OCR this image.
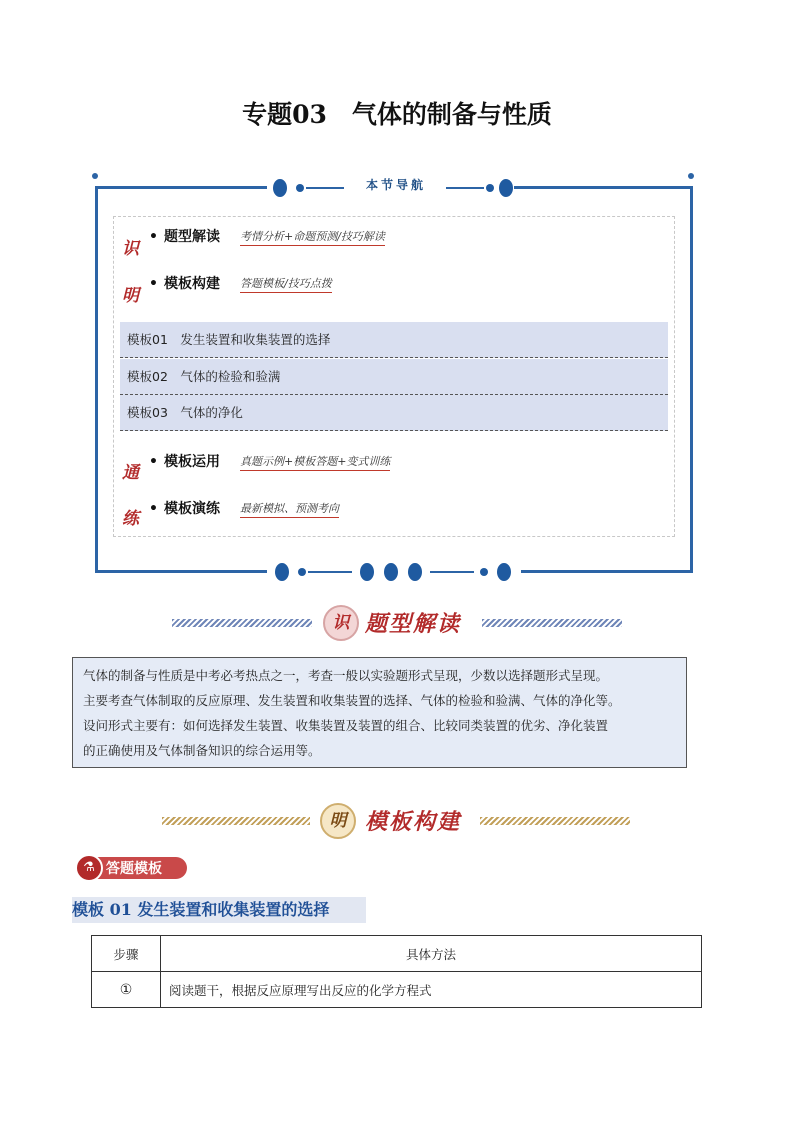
专题03　气体的制备与性质
本节导航
识
明
通
练
• 题型解读 考情分析+命题预测/技巧解读
• 模板构建 答题模板/技巧点拨
模板01　发生装置和收集装置的选择
模板02　气体的检验和验满
模板03　气体的净化
• 模板运用 真题示例+模板答题+变式训练
• 模板演练 最新模拟、预测考向
识 题型解读
气体的制备与性质是中考必考热点之一，考查一般以实验题形式呈现，少数以选择题形式呈现。
主要考查气体制取的反应原理、发生装置和收集装置的选择、气体的检验和验满、气体的净化等。
设问形式主要有：如何选择发生装置、收集装置及装置的组合、比较同类装置的优劣、净化装置
的正确使用及气体制备知识的综合运用等。
明 模板构建
⚗ 答题模板
模板 01 发生装置和收集装置的选择
步骤	具体方法
①	阅读题干，根据反应原理写出反应的化学方程式
